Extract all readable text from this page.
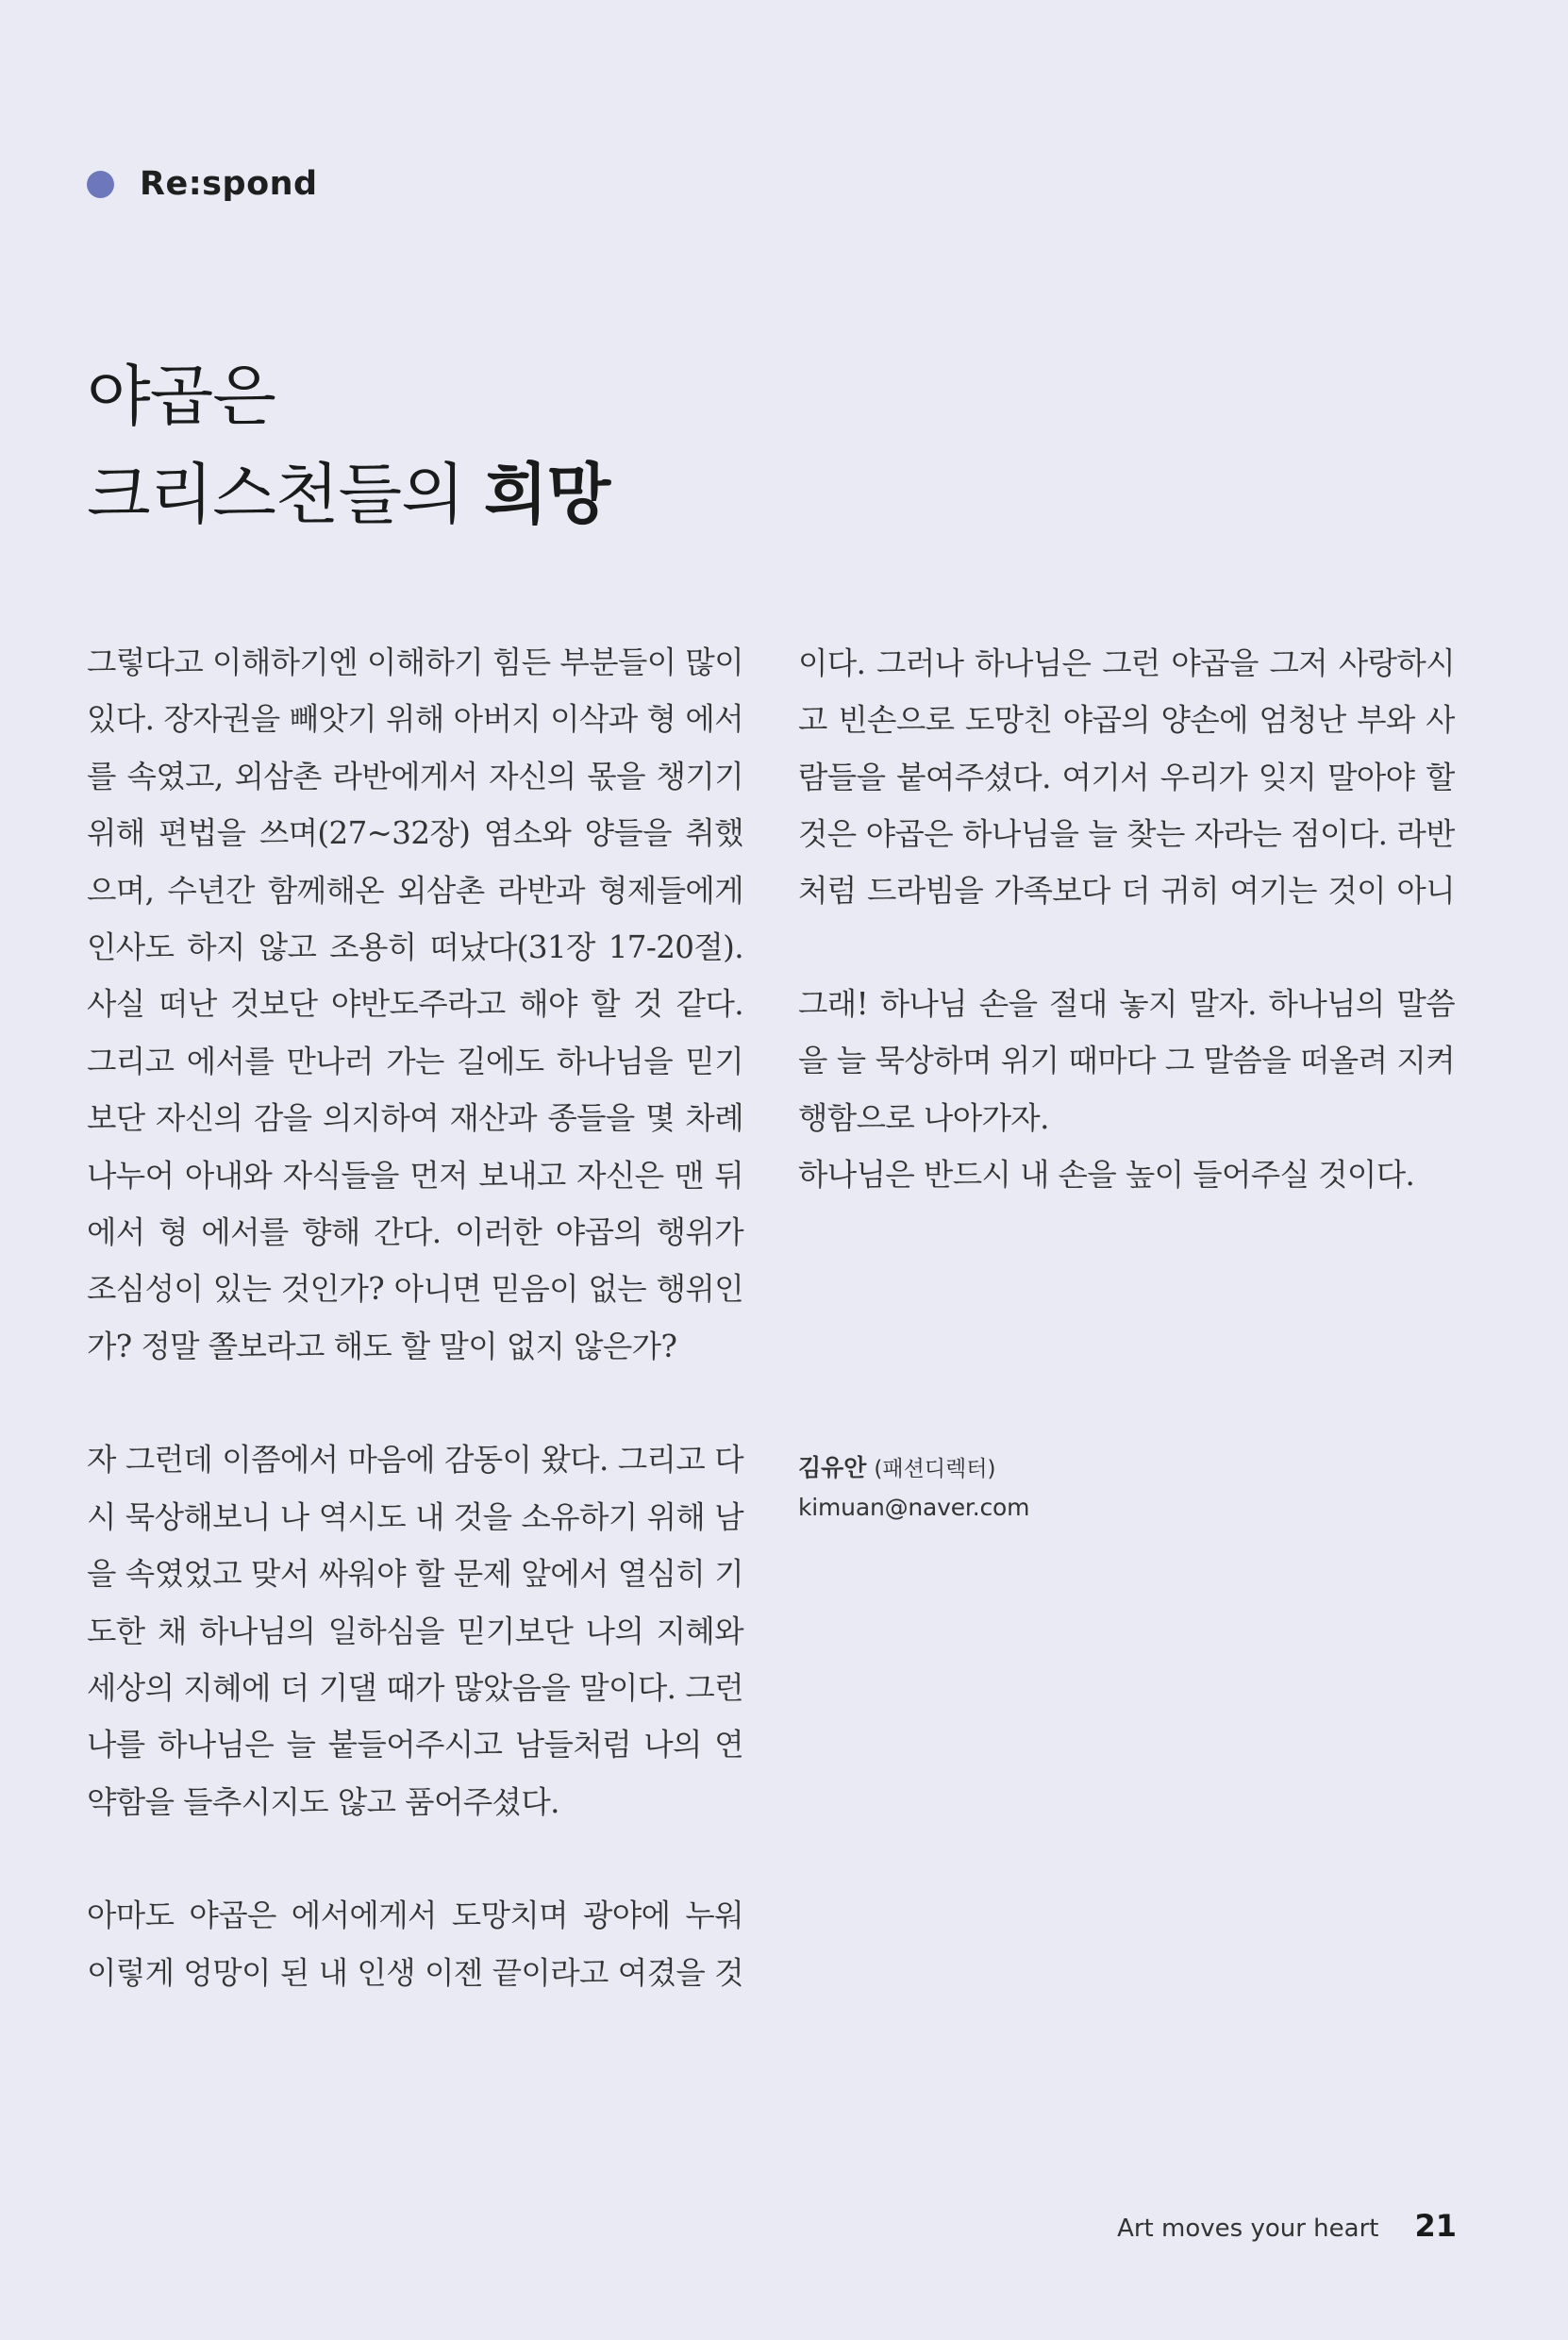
Re:spond
야곱은
크리스천들의 희망

그렇다고 이해하기엔 이해하기 힘든 부분들이 많이 있다. 장자권을 빼앗기 위해 아버지 이삭과 형 에서를 속였고, 외삼촌 라반에게서 자신의 몫을 챙기기 위해 편법을 쓰며(27~32장) 염소와 양들을 취했으며, 수년간 함께해온 외삼촌 라반과 형제들에게 인사도 하지 않고 조용히 떠났다(31장 17-20절). 사실 떠난 것보단 야반도주라고 해야 할 것 같다. 그리고 에서를 만나러 가는 길에도 하나님을 믿기보단 자신의 감을 의지하여 재산과 종들을 몇 차례 나누어 아내와 자식들을 먼저 보내고 자신은 맨 뒤에서 형 에서를 향해 간다. 이러한 야곱의 행위가 조심성이 있는 것인가? 아니면 믿음이 없는 행위인가? 정말 쫄보라고 해도 할 말이 없지 않은가?

자 그런데 이쯤에서 마음에 감동이 왔다. 그리고 다시 묵상해보니 나 역시도 내 것을 소유하기 위해 남을 속였었고 맞서 싸워야 할 문제 앞에서 열심히 기도한 채 하나님의 일하심을 믿기보단 나의 지혜와 세상의 지혜에 더 기댈 때가 많았음을 말이다. 그런 나를 하나님은 늘 붙들어주시고 남들처럼 나의 연약함을 들추시지도 않고 품어주셨다.

아마도 야곱은 에서에게서 도망치며 광야에 누워 이렇게 엉망이 된 내 인생 이젠 끝이라고 여겼을 것

이다. 그러나 하나님은 그런 야곱을 그저 사랑하시고 빈손으로 도망친 야곱의 양손에 엄청난 부와 사람들을 붙여주셨다. 여기서 우리가 잊지 말아야 할 것은 야곱은 하나님을 늘 찾는 자라는 점이다. 라반처럼 드라빔을 가족보다 더 귀히 여기는 것이 아니

그래! 하나님 손을 절대 놓지 말자. 하나님의 말씀을 늘 묵상하며 위기 때마다 그 말씀을 떠올려 지켜 행함으로 나아가자.
하나님은 반드시 내 손을 높이 들어주실 것이다.

김유안 (패션디렉터)
kimuan@naver.com
Art moves your heart 21
